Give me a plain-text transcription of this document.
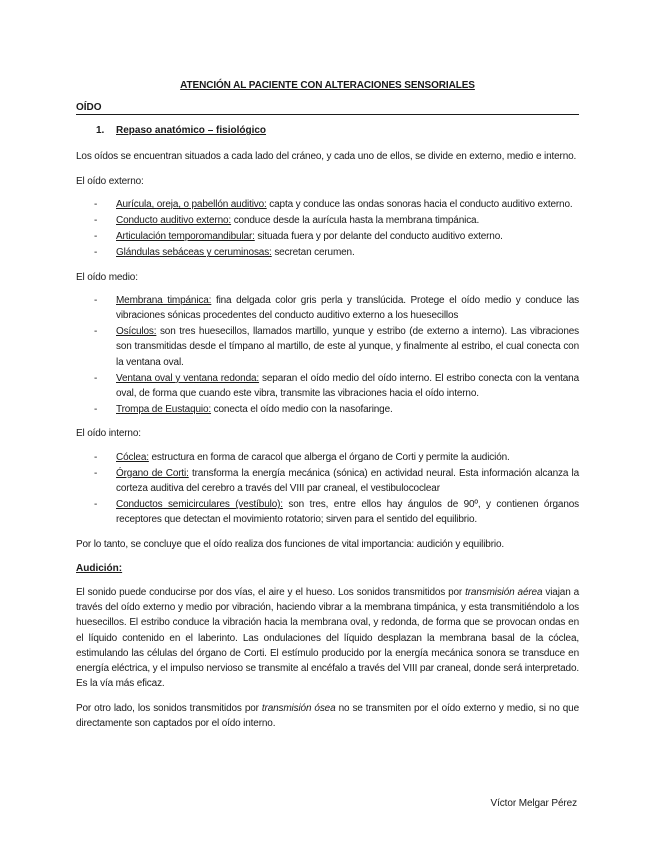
ATENCIÓN AL PACIENTE CON ALTERACIONES SENSORIALES
OÍDO
1.	Repaso anatómico – fisiológico

Los oídos se encuentran situados a cada lado del cráneo, y cada uno de ellos, se divide en externo, medio e interno.

El oído externo:

- Aurícula, oreja, o pabellón auditivo: capta y conduce las ondas sonoras hacia el conducto auditivo externo.
- Conducto auditivo externo: conduce desde la aurícula hasta la membrana timpánica.
- Articulación temporomandibular: situada fuera y por delante del conducto auditivo externo.
- Glándulas sebáceas y ceruminosas: secretan cerumen.

El oído medio:

- Membrana timpánica: fina delgada color gris perla y translúcida. Protege el oído medio y conduce las vibraciones sónicas procedentes del conducto auditivo externo a los huesecillos
- Osículos: son tres huesecillos, llamados martillo, yunque y estribo (de externo a interno). Las vibraciones son transmitidas desde el tímpano al martillo, de este al yunque, y finalmente al estribo, el cual conecta con la ventana oval.
- Ventana oval y ventana redonda: separan el oído medio del oído interno. El estribo conecta con la ventana oval, de forma que cuando este vibra, transmite las vibraciones hacia el oído interno.
- Trompa de Eustaquio: conecta el oído medio con la nasofaringe.

El oído interno:

- Cóclea: estructura en forma de caracol que alberga el órgano de Corti y permite la audición.
- Órgano de Corti: transforma la energía mecánica (sónica) en actividad neural. Esta información alcanza la corteza auditiva del cerebro a través del VIII par craneal, el vestibulococlear
- Conductos semicirculares (vestíbulo): son tres, entre ellos hay ángulos de 90º, y contienen órganos receptores que detectan el movimiento rotatorio; sirven para el sentido del equilibrio.

Por lo tanto, se concluye que el oído realiza dos funciones de vital importancia: audición y equilibrio.

Audición:

El sonido puede conducirse por dos vías, el aire y el hueso. Los sonidos transmitidos por transmisión aérea viajan a través del oído externo y medio por vibración, haciendo vibrar a la membrana timpánica, y esta transmitiéndolo a los huesecillos. El estribo conduce la vibración hacia la membrana oval, y redonda, de forma que se provocan ondas en el líquido contenido en el laberinto. Las ondulaciones del líquido desplazan la membrana basal de la cóclea, estimulando las células del órgano de Corti. El estímulo producido por la energía mecánica sonora se transduce en energía eléctrica, y el impulso nervioso se transmite al encéfalo a través del VIII par craneal, donde será interpretado. Es la vía más eficaz.

Por otro lado, los sonidos transmitidos por transmisión ósea no se transmiten por el oído externo y medio, si no que directamente son captados por el oído interno.

Víctor Melgar Pérez
